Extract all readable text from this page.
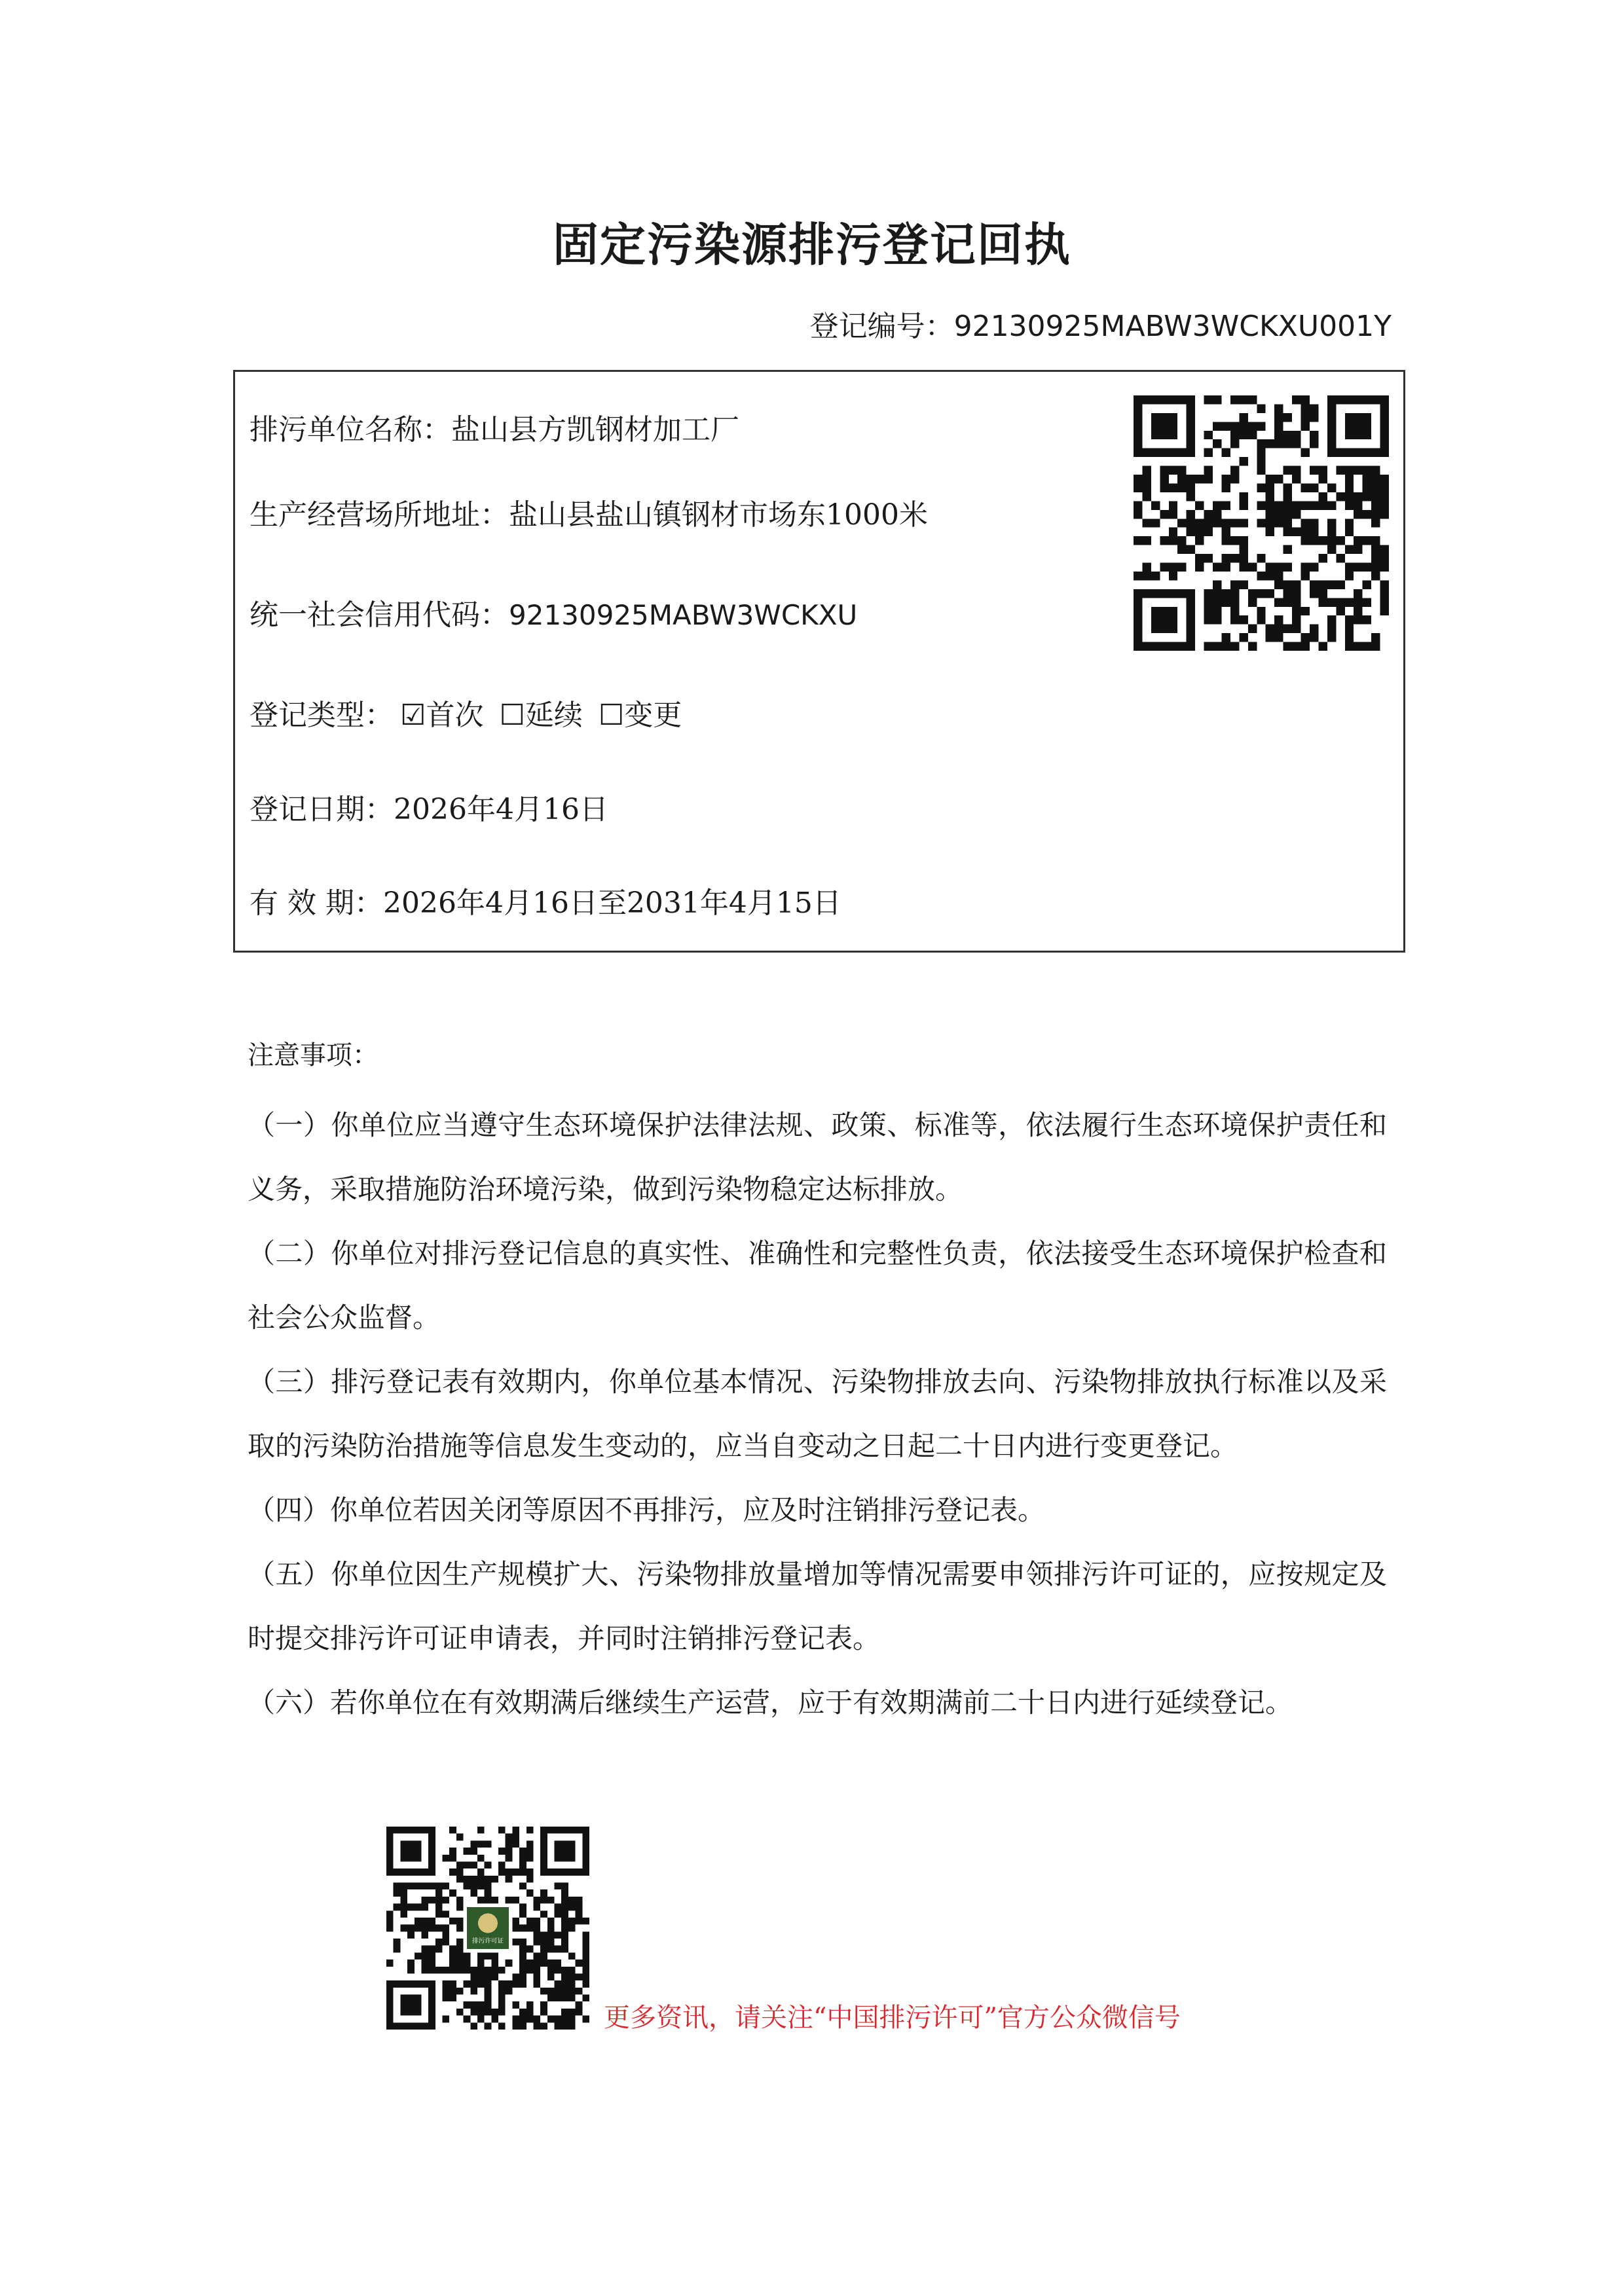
固定污染源排污登记回执
登记编号：92130925MABW3WCKXU001Y
排污单位名称：盐山县方凯钢材加工厂
生产经营场所地址：盐山县盐山镇钢材市场东1000米
统一社会信用代码：92130925MABW3WCKXU
登记类型： ☑首次 ☐延续 ☐变更
登记日期：2026年4月16日
有 效 期：2026年4月16日至2031年4月15日
注意事项：

（一）你单位应当遵守生态环境保护法律法规、政策、标准等，依法履行生态环境保护责任和义务，采取措施防治环境污染，做到污染物稳定达标排放。

（二）你单位对排污登记信息的真实性、准确性和完整性负责，依法接受生态环境保护检查和社会公众监督。

（三）排污登记表有效期内，你单位基本情况、污染物排放去向、污染物排放执行标准以及采取的污染防治措施等信息发生变动的，应当自变动之日起二十日内进行变更登记。

（四）你单位若因关闭等原因不再排污，应及时注销排污登记表。

（五）你单位因生产规模扩大、污染物排放量增加等情况需要申领排污许可证的，应按规定及时提交排污许可证申请表，并同时注销排污登记表。

（六）若你单位在有效期满后继续生产运营，应于有效期满前二十日内进行延续登记。

更多资讯，请关注“中国排污许可”官方公众微信号
